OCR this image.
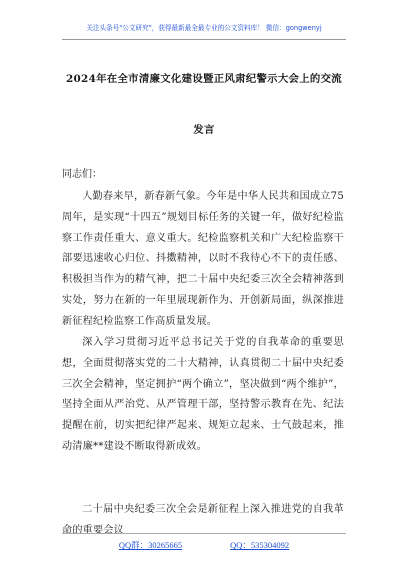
关注头条号"公文研究"，获得最新最全最专业的公文资料库！ 微信：gongwenyj
2024年在全市清廉文化建设暨正风肃纪警示大会上的交流
发言
同志们：
人勤春来早，新春新气象。今年是中华人民共和国成立75周年，是实现“十四五”规划目标任务的关键一年，做好纪检监察工作责任重大、意义重大。纪检监察机关和广大纪检监察干部要迅速收心归位、抖擞精神，以时不我待心不下的责任感、积极担当作为的精气神，把二十届中央纪委三次全会精神落到实处，努力在新的一年里展现新作为、开创新局面，纵深推进新征程纪检监察工作高质量发展。
深入学习贯彻习近平总书记关于党的自我革命的重要思想，全面贯彻落实党的二十大精神，认真贯彻二十届中央纪委三次全会精神，坚定拥护“两个确立”，坚决做到“两个维护”，坚持全面从严治党、从严管理干部，坚持警示教育在先、纪法提醒在前，切实把纪律严起来、规矩立起来、士气鼓起来，推动清廉**建设不断取得新成效。
二十届中央纪委三次全会是新征程上深入推进党的自我革命的重要会议
QQ群：30265665	QQ：535304092
